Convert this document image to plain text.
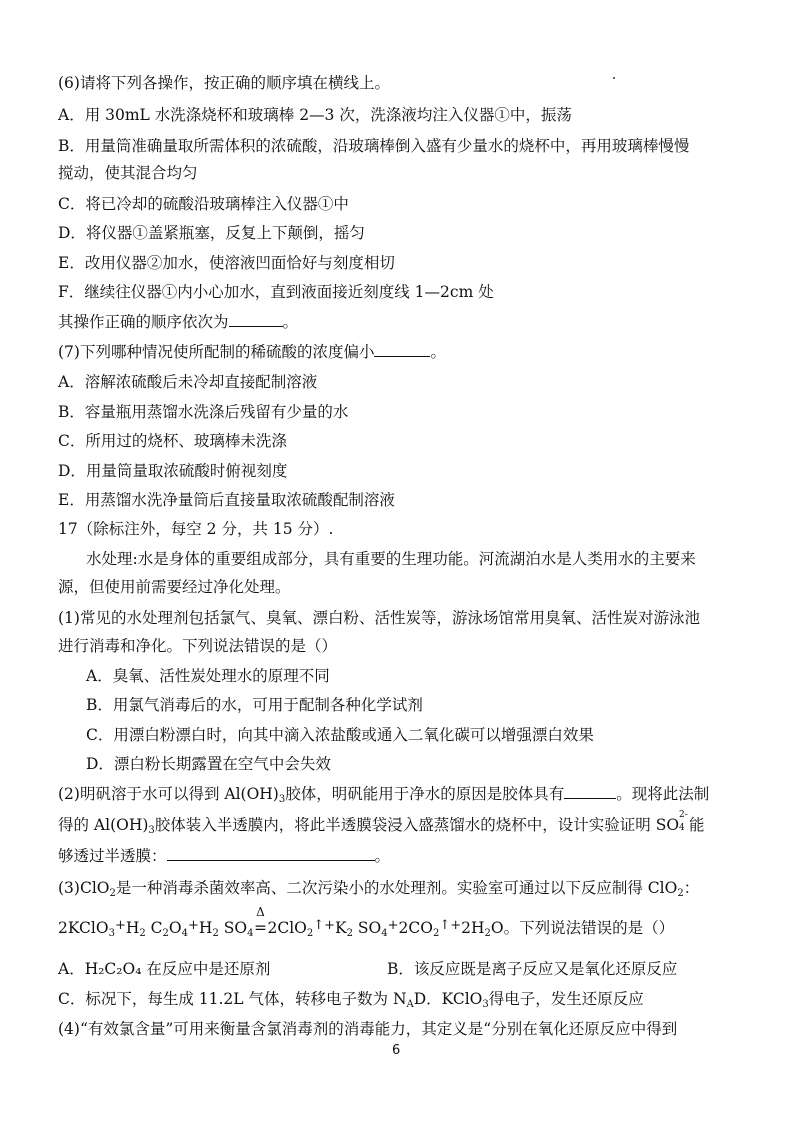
(6)请将下列各操作，按正确的顺序填在横线上。
A．用 30mL 水洗涤烧杯和玻璃棒 2—3 次，洗涤液均注入仪器①中，振荡
B．用量筒准确量取所需体积的浓硫酸，沿玻璃棒倒入盛有少量水的烧杯中，再用玻璃棒慢慢
搅动，使其混合均匀
C．将已冷却的硫酸沿玻璃棒注入仪器①中
D．将仪器①盖紧瓶塞，反复上下颠倒，摇匀
E．改用仪器②加水，使溶液凹面恰好与刻度相切
F．继续往仪器①内小心加水，直到液面接近刻度线 1—2cm 处
其操作正确的顺序依次为	。
(7)下列哪种情况使所配制的稀硫酸的浓度偏小	。
A．溶解浓硫酸后未冷却直接配制溶液
B．容量瓶用蒸馏水洗涤后残留有少量的水
C．所用过的烧杯、玻璃棒未洗涤
D．用量筒量取浓硫酸时俯视刻度
E．用蒸馏水洗净量筒后直接量取浓硫酸配制溶液
17（除标注外，每空 2 分，共 15 分）.
水处理:水是身体的重要组成部分，具有重要的生理功能。河流湖泊水是人类用水的主要来
源，但使用前需要经过净化处理。
(1)常见的水处理剂包括氯气、臭氧、漂白粉、活性炭等，游泳场馆常用臭氧、活性炭对游泳池
进行消毒和净化。下列说法错误的是（）
A．臭氧、活性炭处理水的原理不同
B．用氯气消毒后的水，可用于配制各种化学试剂
C．用漂白粉漂白时，向其中滴入浓盐酸或通入二氧化碳可以增强漂白效果
D．漂白粉长期露置在空气中会失效
(2)明矾溶于水可以得到 $Al(OH)_3$胶体，明矾能用于净水的原因是胶体具有	。现将此法制
得的 $Al(OH)_3$胶体装入半透膜内，将此半透膜袋浸入盛蒸馏水的烧杯中，设计实验证明 SO
2-
4 能
够透过半透膜：	。
(3)ClO$_2$是一种消毒杀菌效率高、二次污染小的水处理剂。实验室可通过以下反应制得 ClO$_2$：
$2KClO_3^+H_2$ $C_2O_4^+H_2$ $SO_4$
Δ
$=2ClO_2^{↑+}K_2$ $SO_4^+2CO_2^{↑+}2H_2O$。下列说法错误的是（）
A．H₂C₂O₄ 在反应中是还原剂	B．该反应既是离子反应又是氧化还原反应
C．标况下，每生成 11.2L 气体，转移电子数为 $N_AD$．KClO$_3$得电子，发生还原反应
(4)“有效氯含量”可用来衡量含氯消毒剂的消毒能力，其定义是“分别在氧化还原反应中得到
6
